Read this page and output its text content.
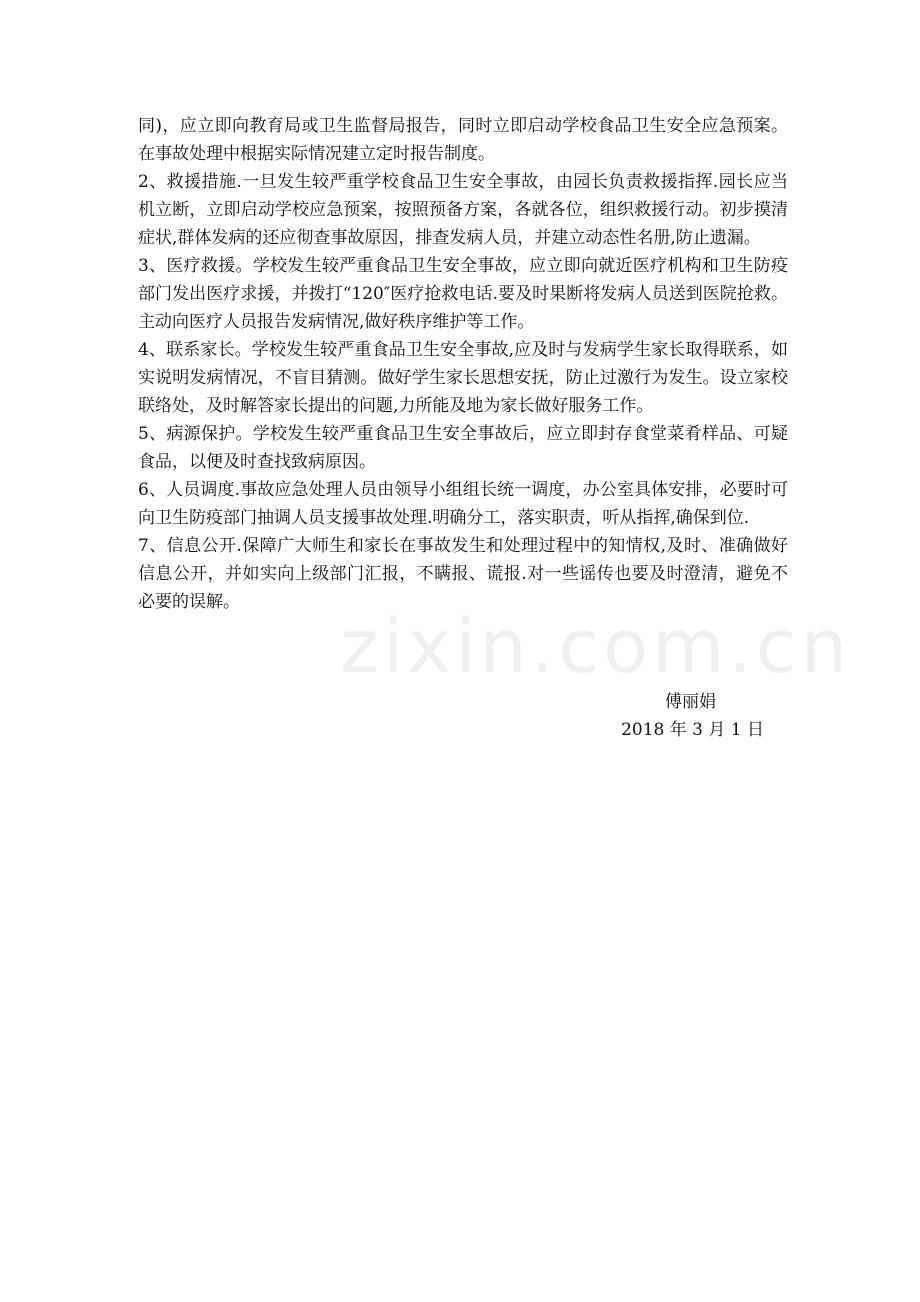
同)，应立即向教育局或卫生监督局报告，同时立即启动学校食品卫生安全应急预案。在事故处理中根据实际情况建立定时报告制度。

2、救援措施.一旦发生较严重学校食品卫生安全事故，由园长负责救援指挥.园长应当机立断，立即启动学校应急预案，按照预备方案，各就各位，组织救援行动。初步摸清症状,群体发病的还应彻查事故原因，排查发病人员，并建立动态性名册,防止遗漏。

3、医疗救援。学校发生较严重食品卫生安全事故，应立即向就近医疗机构和卫生防疫部门发出医疗求援，并拨打“120″医疗抢救电话.要及时果断将发病人员送到医院抢救。主动向医疗人员报告发病情况,做好秩序维护等工作。

4、联系家长。学校发生较严重食品卫生安全事故,应及时与发病学生家长取得联系，如实说明发病情况，不盲目猜测。做好学生家长思想安抚，防止过激行为发生。设立家校联络处，及时解答家长提出的问题,力所能及地为家长做好服务工作。

5、病源保护。学校发生较严重食品卫生安全事故后，应立即封存食堂菜肴样品、可疑食品，以便及时查找致病原因。

6、人员调度.事故应急处理人员由领导小组组长统一调度，办公室具体安排，必要时可向卫生防疫部门抽调人员支援事故处理.明确分工，落实职责，听从指挥,确保到位.

7、信息公开.保障广大师生和家长在事故发生和处理过程中的知情权,及时、准确做好信息公开，并如实向上级部门汇报，不瞒报、谎报.对一些谣传也要及时澄清，避免不必要的误解。

傅丽娟

2018 年 3 月 1 日

zixin.com.cn
